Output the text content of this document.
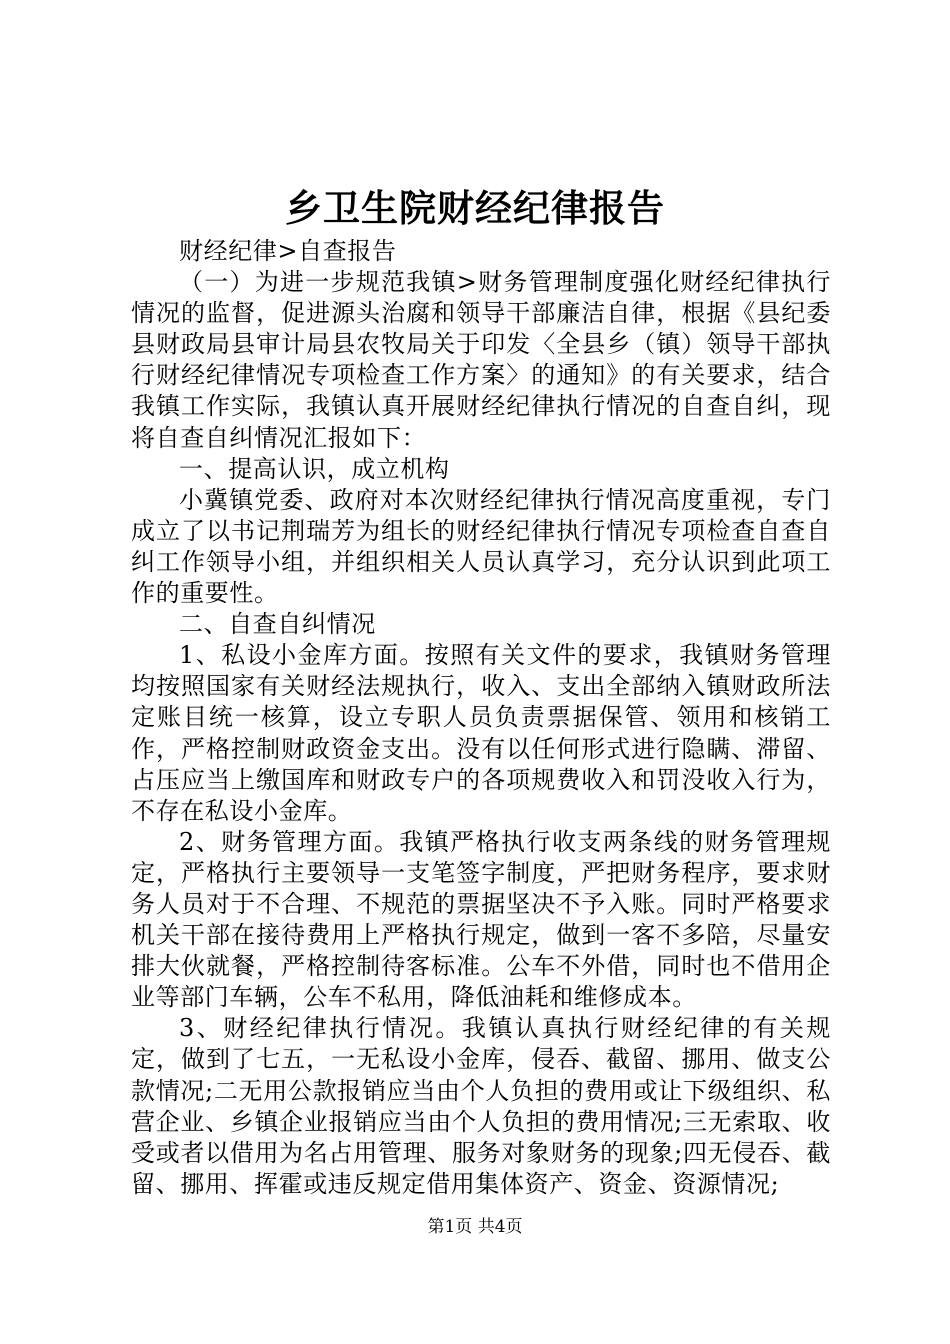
乡卫生院财经纪律报告

财经纪律>自查报告

（一）为进一步规范我镇>财务管理制度强化财经纪律执行情况的监督，促进源头治腐和领导干部廉洁自律，根据《县纪委县财政局县审计局县农牧局关于印发〈全县乡（镇）领导干部执行财经纪律情况专项检查工作方案〉的通知》的有关要求，结合我镇工作实际，我镇认真开展财经纪律执行情况的自查自纠，现将自查自纠情况汇报如下：

一、提高认识，成立机构

小冀镇党委、政府对本次财经纪律执行情况高度重视，专门成立了以书记荆瑞芳为组长的财经纪律执行情况专项检查自查自纠工作领导小组，并组织相关人员认真学习，充分认识到此项工作的重要性。

二、自查自纠情况

1、私设小金库方面。按照有关文件的要求，我镇财务管理均按照国家有关财经法规执行，收入、支出全部纳入镇财政所法定账目统一核算，设立专职人员负责票据保管、领用和核销工作，严格控制财政资金支出。没有以任何形式进行隐瞒、滞留、占压应当上缴国库和财政专户的各项规费收入和罚没收入行为，不存在私设小金库。

2、财务管理方面。我镇严格执行收支两条线的财务管理规定，严格执行主要领导一支笔签字制度，严把财务程序，要求财务人员对于不合理、不规范的票据坚决不予入账。同时严格要求机关干部在接待费用上严格执行规定，做到一客不多陪，尽量安排大伙就餐，严格控制待客标准。公车不外借，同时也不借用企业等部门车辆，公车不私用，降低油耗和维修成本。

3、财经纪律执行情况。我镇认真执行财经纪律的有关规定，做到了七五，一无私设小金库，侵吞、截留、挪用、做支公款情况;二无用公款报销应当由个人负担的费用或让下级组织、私营企业、乡镇企业报销应当由个人负担的费用情况;三无索取、收受或者以借用为名占用管理、服务对象财务的现象;四无侵吞、截留、挪用、挥霍或违反规定借用集体资产、资金、资源情况;

第1页 共4页
